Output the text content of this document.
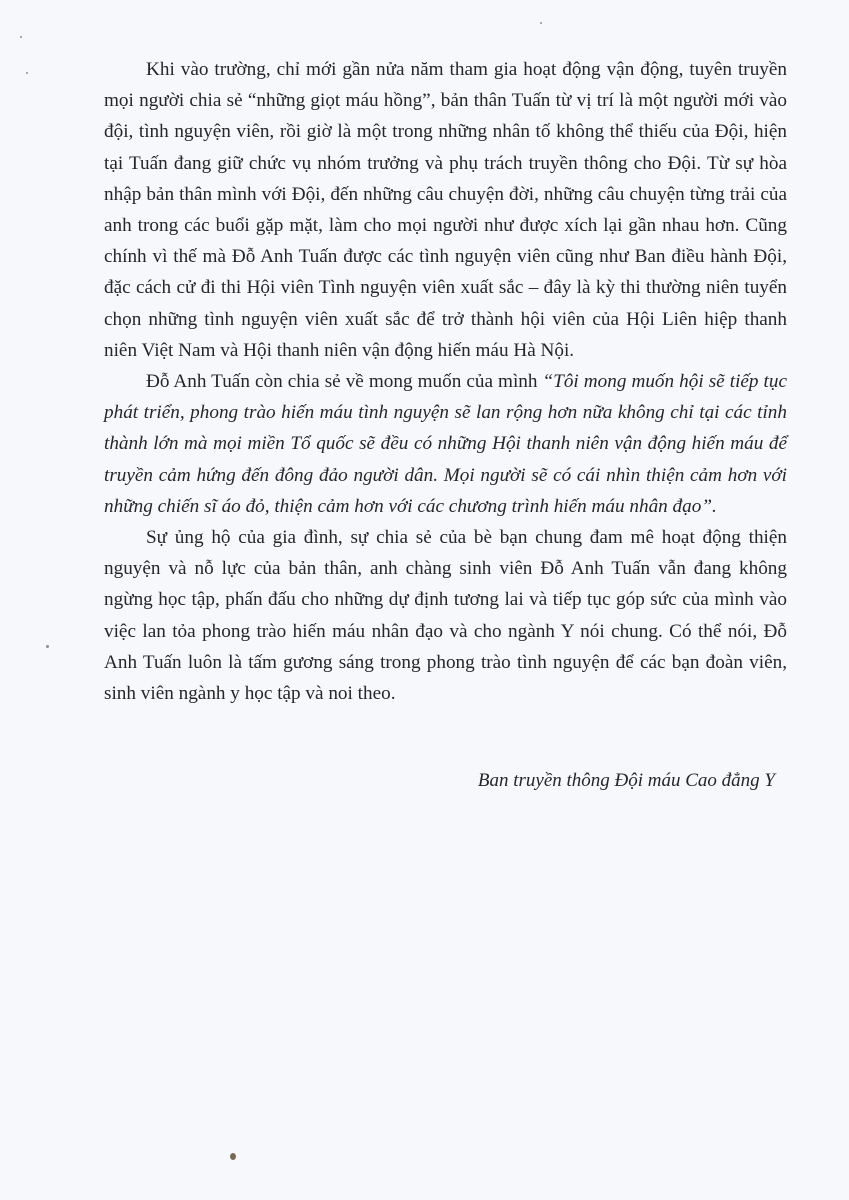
Khi vào trường, chỉ mới gần nửa năm tham gia hoạt động vận động, tuyên truyền mọi người chia sẻ “những giọt máu hồng”, bản thân Tuấn từ vị trí là một người mới vào đội, tình nguyện viên, rồi giờ là một trong những nhân tố không thể thiếu của Đội, hiện tại Tuấn đang giữ chức vụ nhóm trưởng và phụ trách truyền thông cho Đội. Từ sự hòa nhập bản thân mình với Đội, đến những câu chuyện đời, những câu chuyện từng trải của anh trong các buổi gặp mặt, làm cho mọi người như được xích lại gần nhau hơn. Cũng chính vì thế mà Đỗ Anh Tuấn được các tình nguyện viên cũng như Ban điều hành Đội, đặc cách cử đi thi Hội viên Tình nguyện viên xuất sắc – đây là kỳ thi thường niên tuyển chọn những tình nguyện viên xuất sắc để trở thành hội viên của Hội Liên hiệp thanh niên Việt Nam và Hội thanh niên vận động hiến máu Hà Nội.

Đỗ Anh Tuấn còn chia sẻ về mong muốn của mình “Tôi mong muốn hội sẽ tiếp tục phát triển, phong trào hiến máu tình nguyện sẽ lan rộng hơn nữa không chỉ tại các tỉnh thành lớn mà mọi miền Tổ quốc sẽ đều có những Hội thanh niên vận động hiến máu để truyền cảm hứng đến đông đảo người dân. Mọi người sẽ có cái nhìn thiện cảm hơn với những chiến sĩ áo đỏ, thiện cảm hơn với các chương trình hiến máu nhân đạo”.

Sự ủng hộ của gia đình, sự chia sẻ của bè bạn chung đam mê hoạt động thiện nguyện và nỗ lực của bản thân, anh chàng sinh viên Đỗ Anh Tuấn vẫn đang không ngừng học tập, phấn đấu cho những dự định tương lai và tiếp tục góp sức của mình vào việc lan tỏa phong trào hiến máu nhân đạo và cho ngành Y nói chung. Có thể nói, Đỗ Anh Tuấn luôn là tấm gương sáng trong phong trào tình nguyện để các bạn đoàn viên, sinh viên ngành y học tập và noi theo.

Ban truyền thông Đội máu Cao đẳng Y
